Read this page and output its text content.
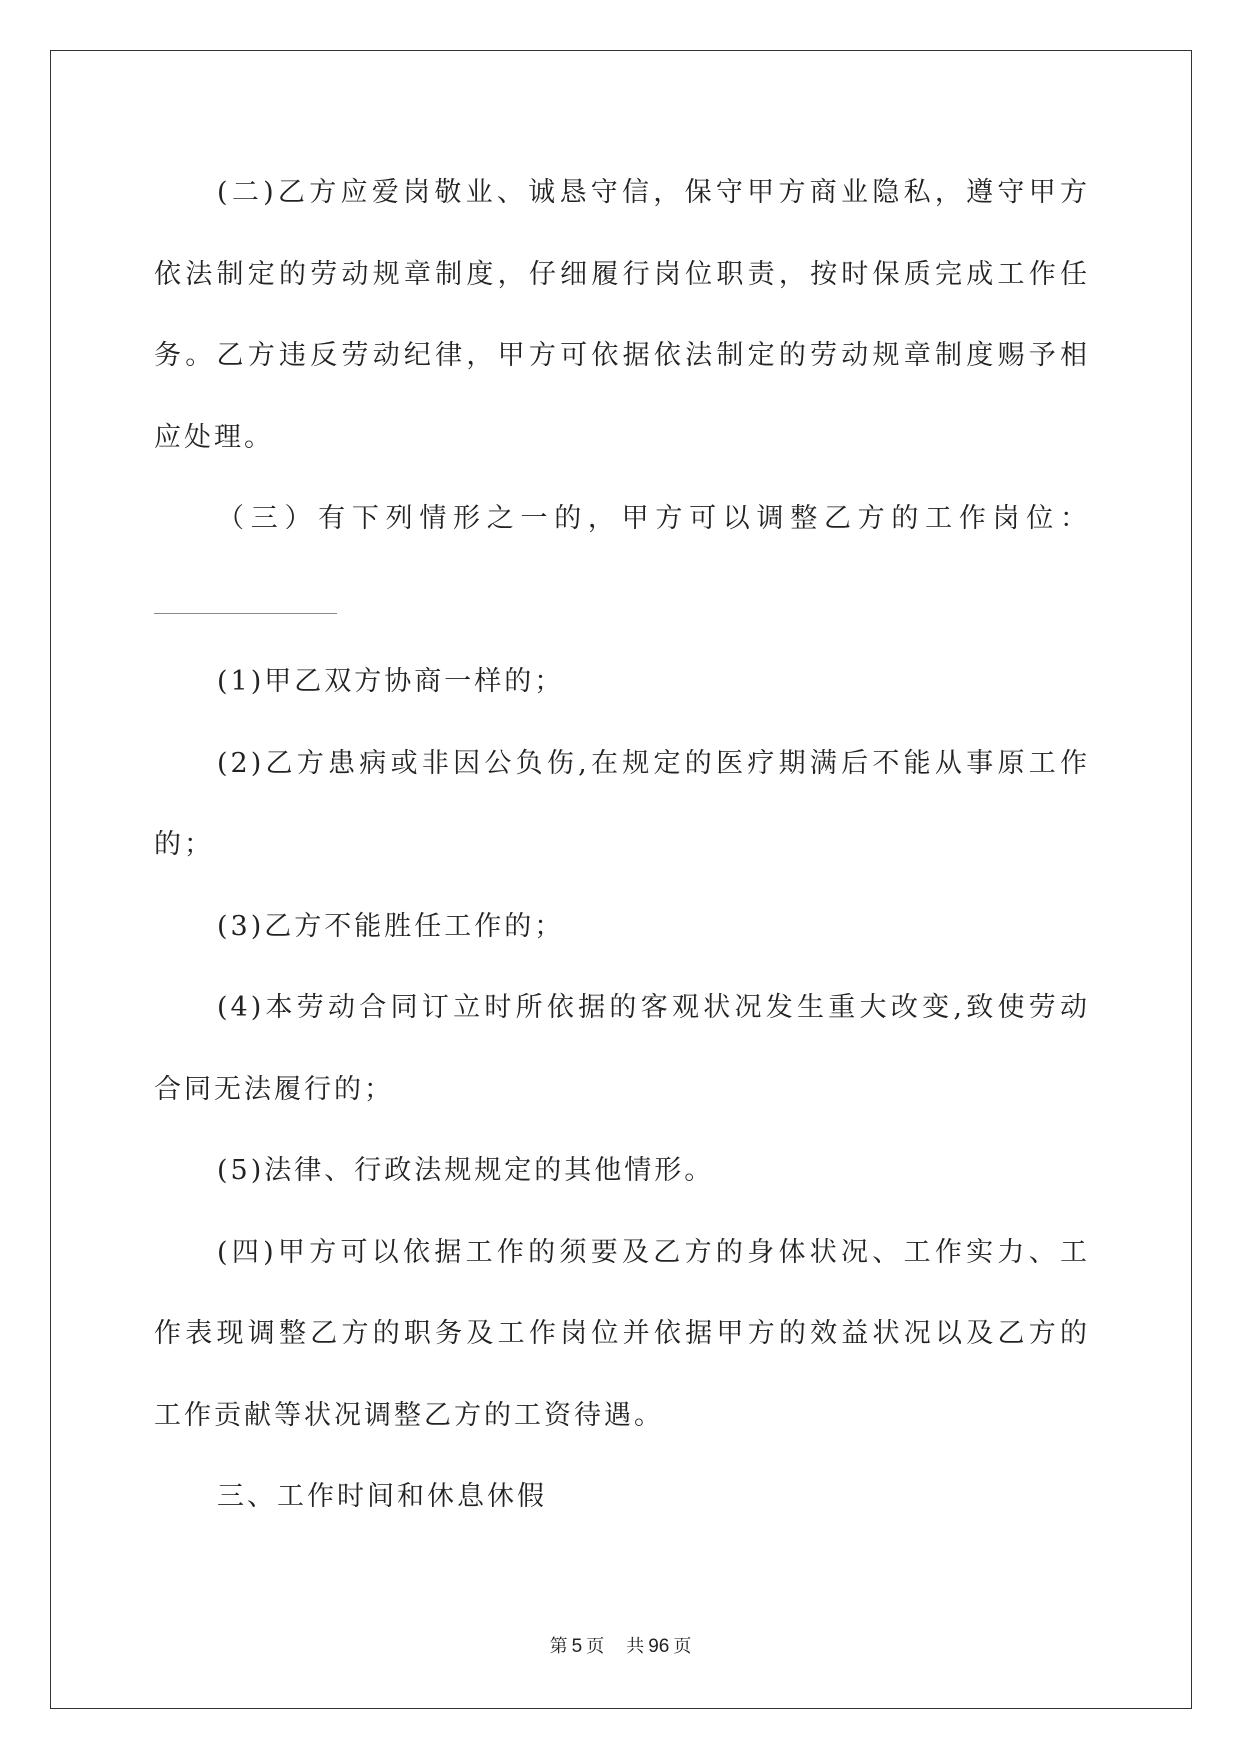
(二)乙方应爱岗敬业、诚恳守信，保守甲方商业隐私，遵守甲方
依法制定的劳动规章制度，仔细履行岗位职责，按时保质完成工作任
务。乙方违反劳动纪律，甲方可依据依法制定的劳动规章制度赐予相
应处理。
（三）有下列情形之一的，甲方可以调整乙方的工作岗位：
(1)甲乙双方协商一样的；
(2)乙方患病或非因公负伤,在规定的医疗期满后不能从事原工作
的；
(3)乙方不能胜任工作的；
(4)本劳动合同订立时所依据的客观状况发生重大改变,致使劳动
合同无法履行的；
(5)法律、行政法规规定的其他情形。
(四)甲方可以依据工作的须要及乙方的身体状况、工作实力、工
作表现调整乙方的职务及工作岗位并依据甲方的效益状况以及乙方的
工作贡献等状况调整乙方的工资待遇。
三、工作时间和休息休假
第 5 页 共 96 页
